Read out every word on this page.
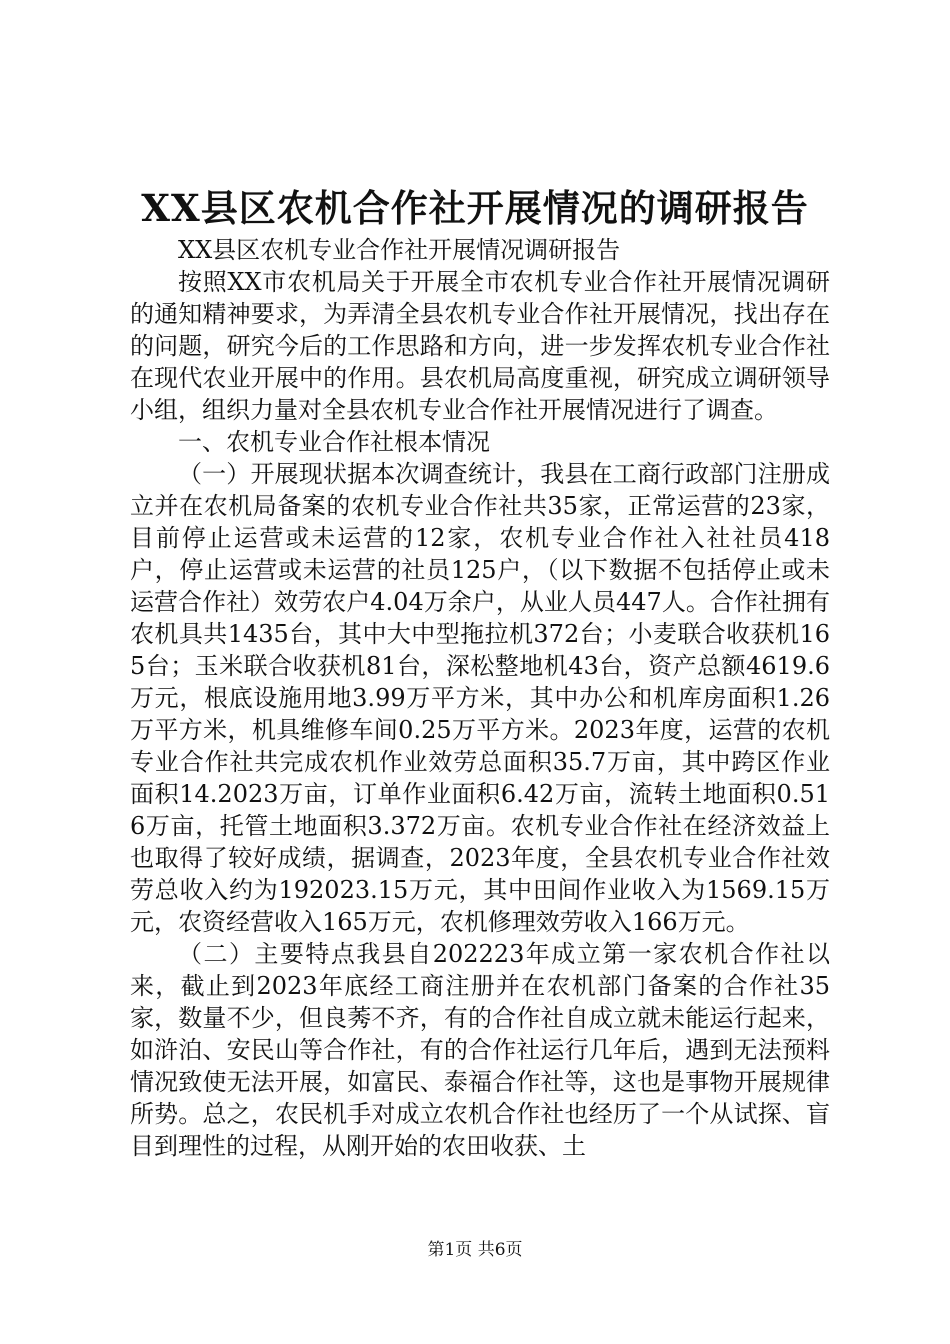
XX县区农机合作社开展情况的调研报告

XX县区农机专业合作社开展情况调研报告

按照XX市农机局关于开展全市农机专业合作社开展情况调研的通知精神要求，为弄清全县农机专业合作社开展情况，找出存在的问题，研究今后的工作思路和方向，进一步发挥农机专业合作社在现代农业开展中的作用。县农机局高度重视，研究成立调研领导小组，组织力量对全县农机专业合作社开展情况进行了调查。

一、农机专业合作社根本情况

（一）开展现状据本次调查统计，我县在工商行政部门注册成立并在农机局备案的农机专业合作社共35家，正常运营的23家，目前停止运营或未运营的12家，农机专业合作社入社社员418户，停止运营或未运营的社员125户，（以下数据不包括停止或未运营合作社）效劳农户4.04万余户，从业人员447人。合作社拥有农机具共1435台，其中大中型拖拉机372台；小麦联合收获机165台；玉米联合收获机81台，深松整地机43台，资产总额4619.6万元，根底设施用地3.99万平方米，其中办公和机库房面积1.26万平方米，机具维修车间0.25万平方米。2023年度，运营的农机专业合作社共完成农机作业效劳总面积35.7万亩，其中跨区作业面积14.2023万亩，订单作业面积6.42万亩，流转土地面积0.516万亩，托管土地面积3.372万亩。农机专业合作社在经济效益上也取得了较好成绩，据调查，2023年度，全县农机专业合作社效劳总收入约为192023.15万元，其中田间作业收入为1569.15万元，农资经营收入165万元，农机修理效劳收入166万元。

（二）主要特点我县自202223年成立第一家农机合作社以来，截止到2023年底经工商注册并在农机部门备案的合作社35家，数量不少，但良莠不齐，有的合作社自成立就未能运行起来，如浒泊、安民山等合作社，有的合作社运行几年后，遇到无法预料情况致使无法开展，如富民、泰福合作社等，这也是事物开展规律所势。总之，农民机手对成立农机合作社也经历了一个从试探、盲目到理性的过程，从刚开始的农田收获、土

第1页 共6页
